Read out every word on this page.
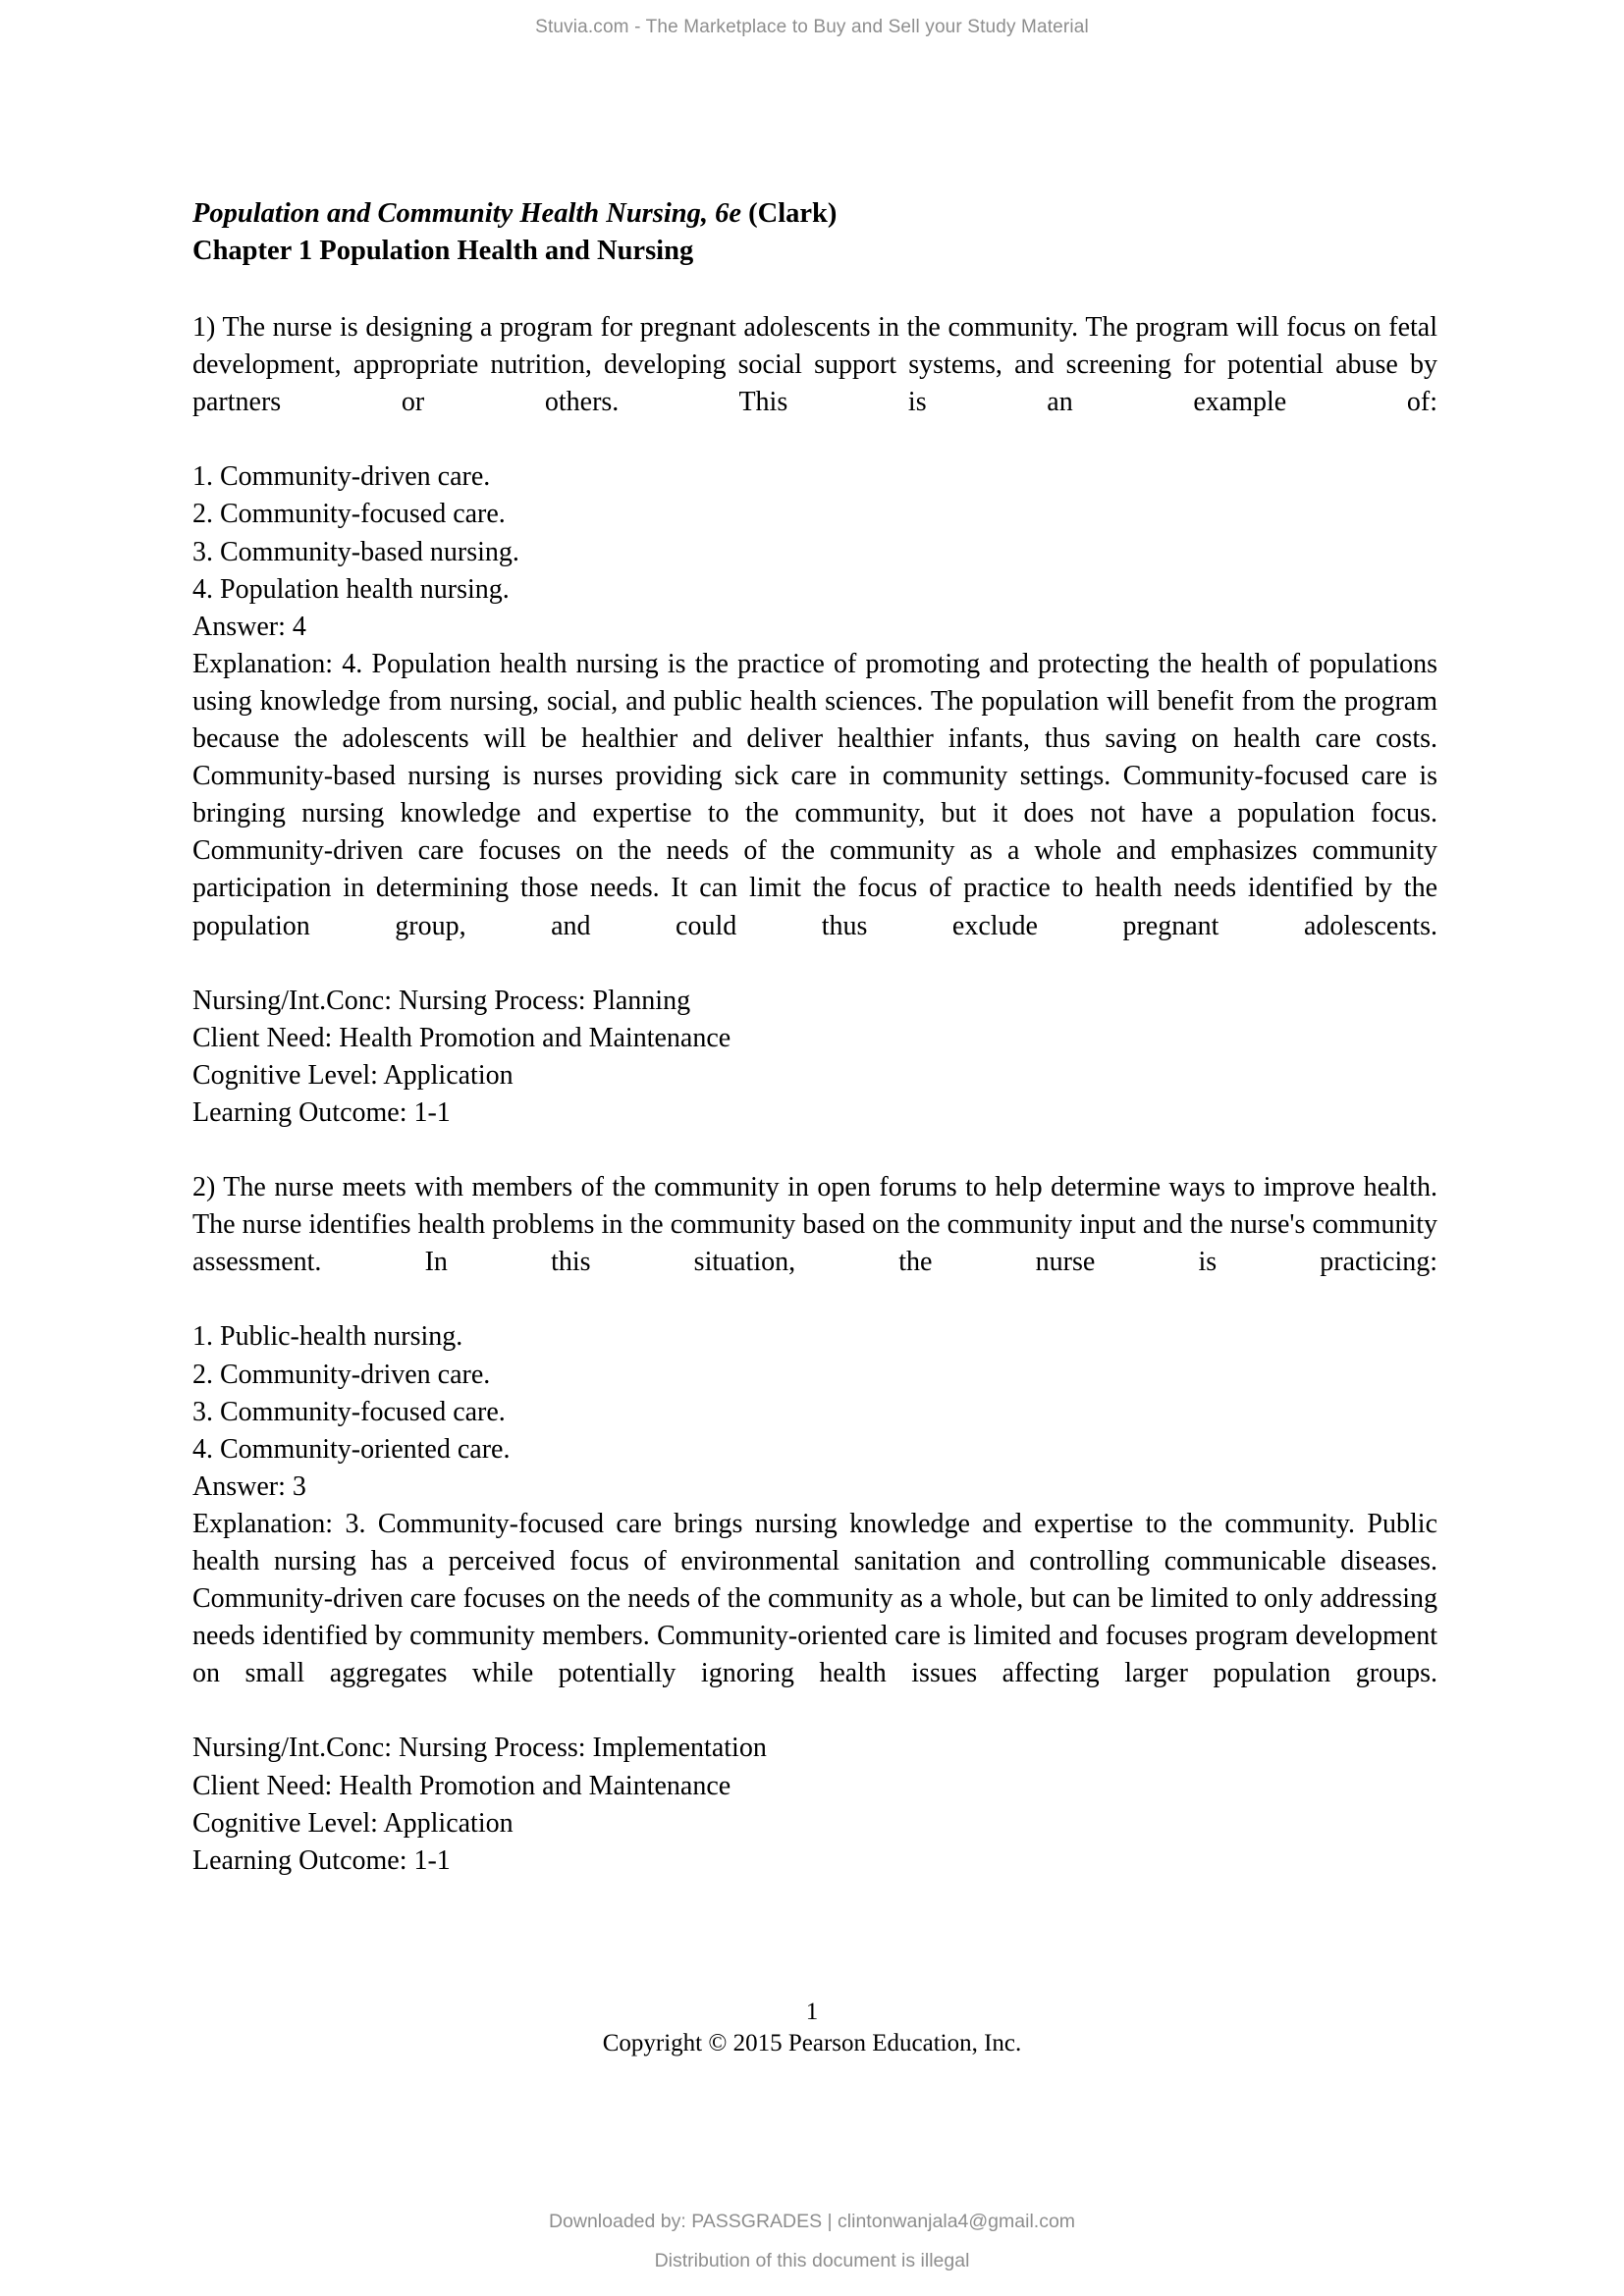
Stuvia.com - The Marketplace to Buy and Sell your Study Material
Population and Community Health Nursing, 6e (Clark)
Chapter 1 Population Health and Nursing

1) The nurse is designing a program for pregnant adolescents in the community. The program will focus on fetal development, appropriate nutrition, developing social support systems, and screening for potential abuse by partners or others. This is an example of:

1. Community-driven care.

2. Community-focused care.

3. Community-based nursing.

4. Population health nursing.

Answer: 4

Explanation: 4. Population health nursing is the practice of promoting and protecting the health of populations using knowledge from nursing, social, and public health sciences. The population will benefit from the program because the adolescents will be healthier and deliver healthier infants, thus saving on health care costs. Community-based nursing is nurses providing sick care in community settings. Community-focused care is bringing nursing knowledge and expertise to the community, but it does not have a population focus. Community-driven care focuses on the needs of the community as a whole and emphasizes community participation in determining those needs. It can limit the focus of practice to health needs identified by the population group, and could thus exclude pregnant adolescents.

Nursing/Int.Conc: Nursing Process: Planning

Client Need: Health Promotion and Maintenance

Cognitive Level: Application

Learning Outcome: 1-1

2) The nurse meets with members of the community in open forums to help determine ways to improve health. The nurse identifies health problems in the community based on the community input and the nurse's community assessment. In this situation, the nurse is practicing:

1. Public-health nursing.

2. Community-driven care.

3. Community-focused care.

4. Community-oriented care.

Answer: 3

Explanation: 3. Community-focused care brings nursing knowledge and expertise to the community. Public health nursing has a perceived focus of environmental sanitation and controlling communicable diseases. Community-driven care focuses on the needs of the community as a whole, but can be limited to only addressing needs identified by community members. Community-oriented care is limited and focuses program development on small aggregates while potentially ignoring health issues affecting larger population groups.

Nursing/Int.Conc: Nursing Process: Implementation

Client Need: Health Promotion and Maintenance

Cognitive Level: Application

Learning Outcome: 1-1

1
Copyright © 2015 Pearson Education, Inc.
Downloaded by: PASSGRADES | clintonwanjala4@gmail.com
Distribution of this document is illegal
